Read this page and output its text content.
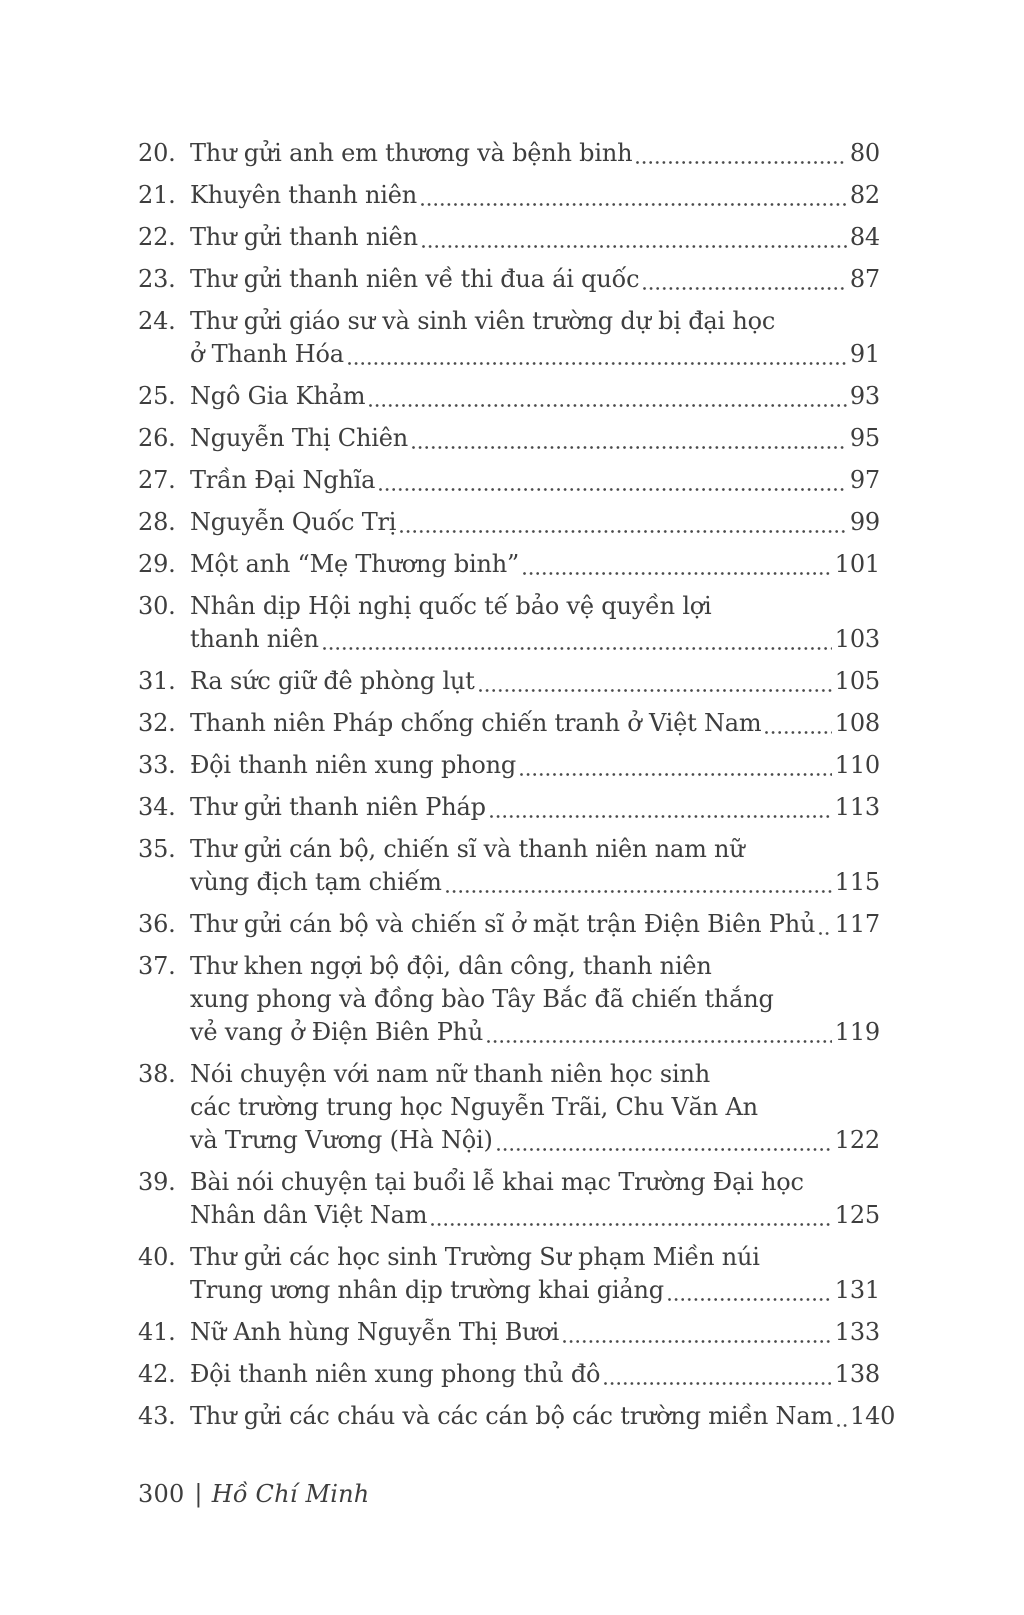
20. Thư gửi anh em thương và bệnh binh	80
21. Khuyên thanh niên	82
22. Thư gửi thanh niên	84
23. Thư gửi thanh niên về thi đua ái quốc	87
24. Thư gửi giáo sư và sinh viên trường dự bị đại học
ở Thanh Hóa	91
25. Ngô Gia Khảm	93
26. Nguyễn Thị Chiên	95
27. Trần Đại Nghĩa	97
28. Nguyễn Quốc Trị	99
29. Một anh “Mẹ Thương binh”	101
30. Nhân dịp Hội nghị quốc tế bảo vệ quyền lợi
thanh niên	103
31. Ra sức giữ đê phòng lụt	105
32. Thanh niên Pháp chống chiến tranh ở Việt Nam	108
33. Đội thanh niên xung phong	110
34. Thư gửi thanh niên Pháp	113
35. Thư gửi cán bộ, chiến sĩ và thanh niên nam nữ
vùng địch tạm chiếm	115
36. Thư gửi cán bộ và chiến sĩ ở mặt trận Điện Biên Phủ 117
37. Thư khen ngợi bộ đội, dân công, thanh niên
xung phong và đồng bào Tây Bắc đã chiến thắng
vẻ vang ở Điện Biên Phủ	119
38. Nói chuyện với nam nữ thanh niên học sinh
các trường trung học Nguyễn Trãi, Chu Văn An
và Trưng Vương (Hà Nội)	122
39. Bài nói chuyện tại buổi lễ khai mạc Trường Đại học
Nhân dân Việt Nam	125
40. Thư gửi các học sinh Trường Sư phạm Miền núi
Trung ương nhân dịp trường khai giảng	131
41. Nữ Anh hùng Nguyễn Thị Bươi	133
42. Đội thanh niên xung phong thủ đô	138
43. Thư gửi các cháu và các cán bộ các trường miền Nam 140
300 | Hồ Chí Minh
